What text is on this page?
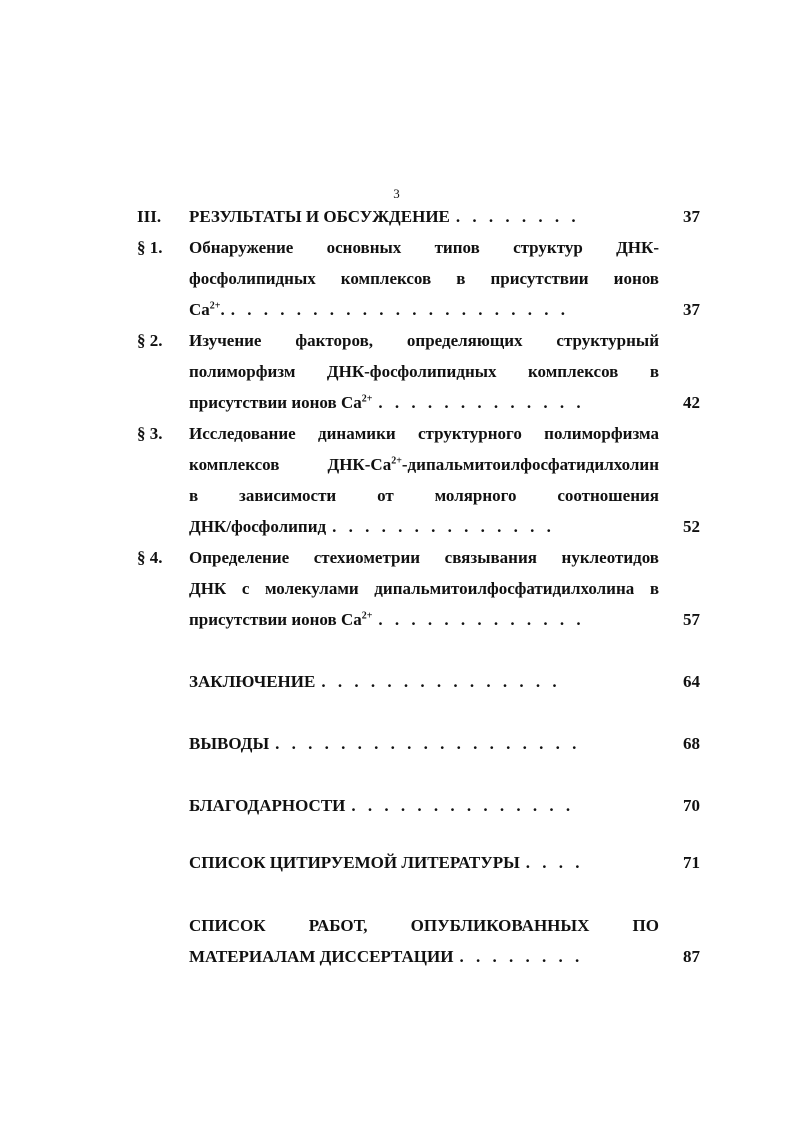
3
III. РЕЗУЛЬТАТЫ И ОБСУЖДЕНИЕ . . . . . . . .	37
§ 1. Обнаружение основных типов структур ДНК-
фосфолипидных комплексов в присутствии ионов
$Ca^{2+}$. . . . . . . . . . . . . . . . . . . . . .	37
§ 2. Изучение факторов, определяющих структурный
полиморфизм ДНК-фосфолипидных комплексов в
присутствии ионов $Ca^{2+}$ . . . . . . . . . . . . .	42
§ 3. Исследование динамики структурного полиморфизма
комплексов ДНК-$Ca^{2+}$-дипальмитоилфосфатидилхолин
в зависимости от молярного соотношения
ДНК/фосфолипид . . . . . . . . . . . . . .	52
§ 4. Определение стехиометрии связывания нуклеотидов
ДНК с молекулами дипальмитоилфосфатидилхолина в
присутствии ионов $Ca^{2+}$ . . . . . . . . . . . . .	57
ЗАКЛЮЧЕНИЕ . . . . . . . . . . . . . . .	64
ВЫВОДЫ . . . . . . . . . . . . . . . . . . .	68
БЛАГОДАРНОСТИ . . . . . . . . . . . . . .	70
СПИСОК ЦИТИРУЕМОЙ ЛИТЕРАТУРЫ . . . .	71
СПИСОК РАБОТ, ОПУБЛИКОВАННЫХ ПО
МАТЕРИАЛАМ ДИССЕРТАЦИИ . . . . . . . .	87
